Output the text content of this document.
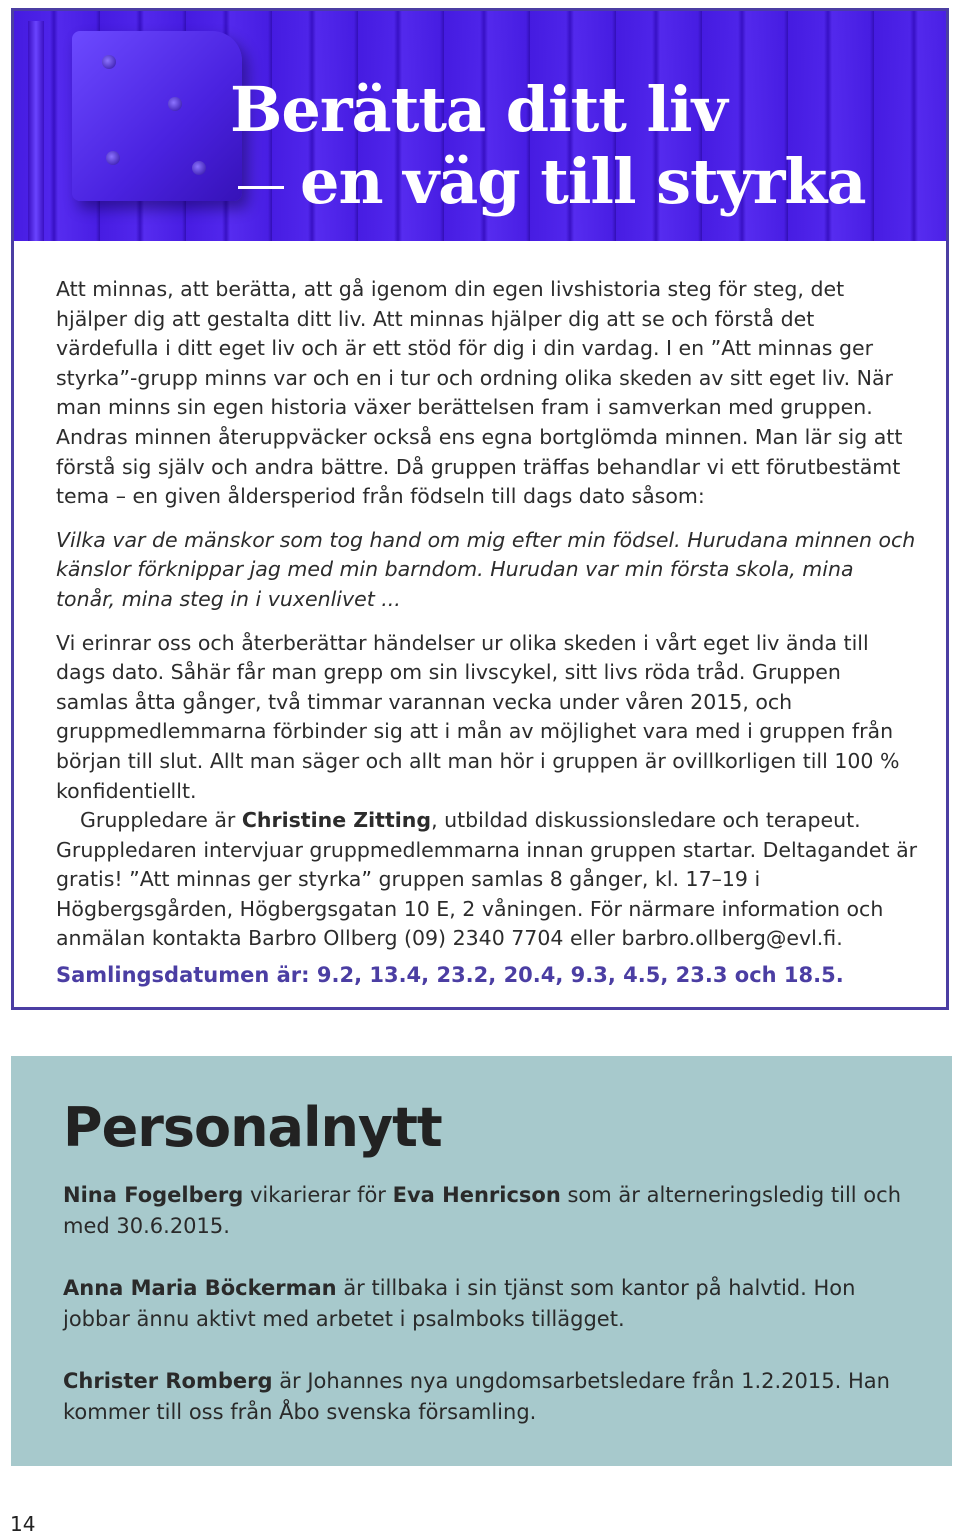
Berätta ditt liv
en väg till styrka

Att minnas, att berätta, att gå igenom din egen livshistoria steg för steg, det hjälper dig att gestalta ditt liv. Att minnas hjälper dig att se och förstå det värdefulla i ditt eget liv och är ett stöd för dig i din vardag. I en ”Att minnas ger styrka”-grupp minns var och en i tur och ordning olika skeden av sitt eget liv. När man minns sin egen historia växer berättelsen fram i samverkan med gruppen. Andras minnen återuppväcker också ens egna bortglömda minnen. Man lär sig att förstå sig själv och andra bättre. Då gruppen träffas behandlar vi ett förutbestämt tema – en given åldersperiod från födseln till dags dato såsom:

Vilka var de mänskor som tog hand om mig efter min födsel. Hurudana minnen och känslor förknippar jag med min barndom. Hurudan var min första skola, mina tonår, mina steg in i vuxenlivet ...

Vi erinrar oss och återberättar händelser ur olika skeden i vårt eget liv ända till dags dato. Såhär får man grepp om sin livscykel, sitt livs röda tråd. Gruppen samlas åtta gånger, två timmar varannan vecka under våren 2015, och gruppmedlemmarna förbinder sig att i mån av möjlighet vara med i gruppen från början till slut. Allt man säger och allt man hör i gruppen är ovillkorligen till 100 % konfidentiellt.

Gruppledare är Christine Zitting, utbildad diskussionsledare och terapeut. Gruppledaren intervjuar gruppmedlemmarna innan gruppen startar. Deltagandet är gratis! ”Att minnas ger styrka” gruppen samlas 8 gånger, kl. 17–19 i Högbergsgården, Högbergsgatan 10 E, 2 våningen. För närmare information och anmälan kontakta Barbro Ollberg (09) 2340 7704 eller barbro.ollberg@evl.fi.

Samlingsdatumen är: 9.2, 13.4, 23.2, 20.4, 9.3, 4.5, 23.3 och 18.5.
Personalnytt

Nina Fogelberg vikarierar för Eva Henricson som är alterneringsledig till och med 30.6.2015.

Anna Maria Böckerman är tillbaka i sin tjänst som kantor på halvtid. Hon jobbar ännu aktivt med arbetet i psalmboks tillägget.

Christer Romberg är Johannes nya ungdomsarbetsledare från 1.2.2015. Han kommer till oss från Åbo svenska församling.

14
